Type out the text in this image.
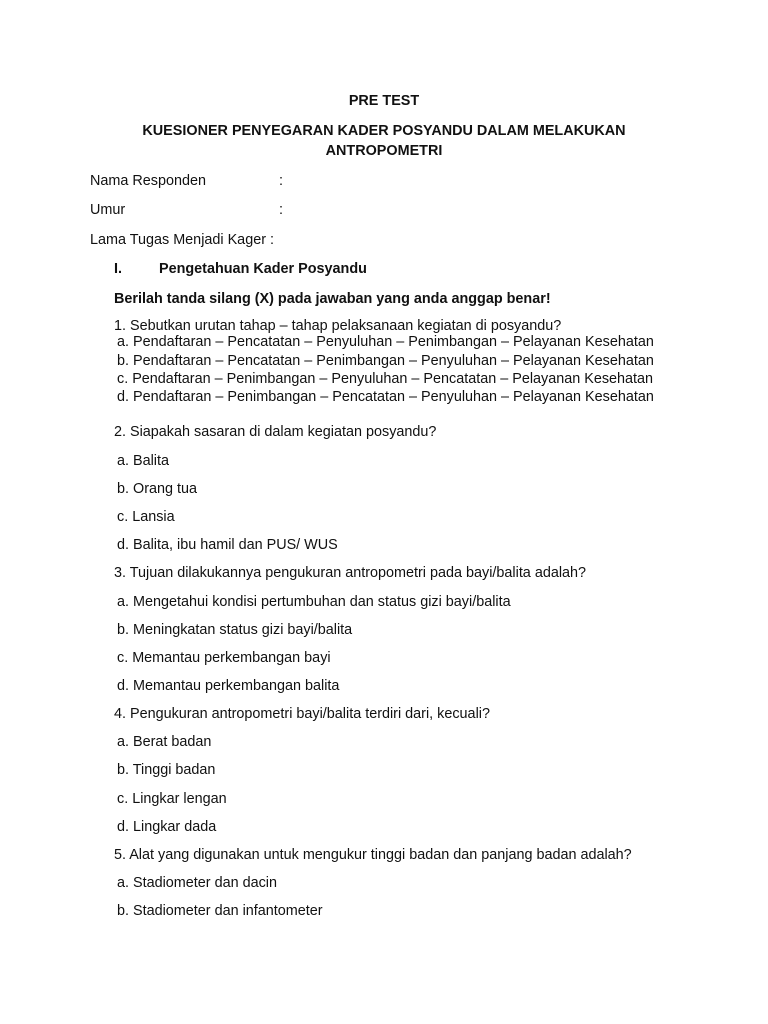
PRE TEST
KUESIONER PENYEGARAN KADER POSYANDU DALAM MELAKUKAN
ANTROPOMETRI
Nama Responden	:
Umur	:
Lama Tugas Menjadi Kager :
I.	Pengetahuan Kader Posyandu
Berilah tanda silang (X) pada jawaban yang anda anggap benar!
1. Sebutkan urutan tahap – tahap pelaksanaan kegiatan di posyandu?
a. Pendaftaran – Pencatatan – Penyuluhan – Penimbangan – Pelayanan Kesehatan
b. Pendaftaran – Pencatatan – Penimbangan – Penyuluhan – Pelayanan Kesehatan
c. Pendaftaran – Penimbangan – Penyuluhan – Pencatatan – Pelayanan Kesehatan
d. Pendaftaran – Penimbangan – Pencatatan – Penyuluhan – Pelayanan Kesehatan
2. Siapakah sasaran di dalam kegiatan posyandu?
a. Balita
b. Orang tua
c. Lansia
d. Balita, ibu hamil dan PUS/ WUS
3. Tujuan dilakukannya pengukuran antropometri pada bayi/balita adalah?
a. Mengetahui kondisi pertumbuhan dan status gizi bayi/balita
b. Meningkatan status gizi bayi/balita
c. Memantau perkembangan bayi
d. Memantau perkembangan balita
4. Pengukuran antropometri bayi/balita terdiri dari, kecuali?
a. Berat badan
b. Tinggi badan
c. Lingkar lengan
d. Lingkar dada
5. Alat yang digunakan untuk mengukur tinggi badan dan panjang badan adalah?
a. Stadiometer dan dacin
b. Stadiometer dan infantometer
